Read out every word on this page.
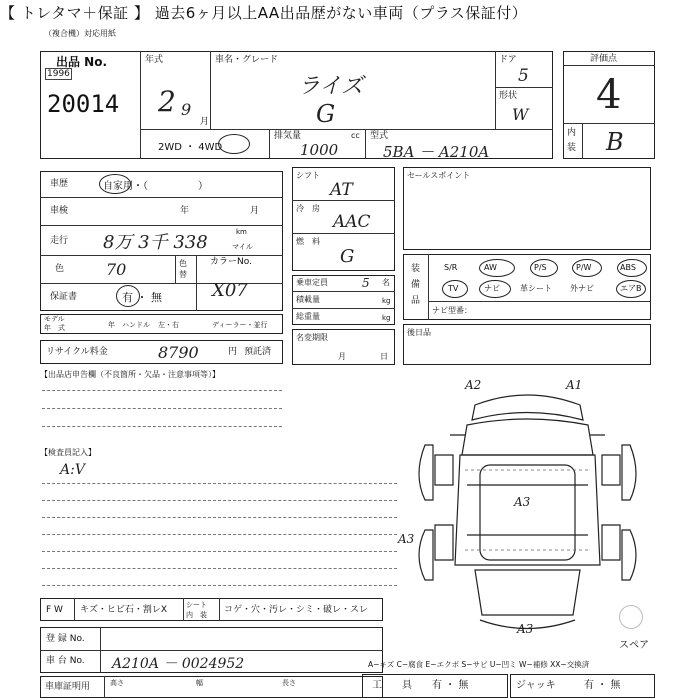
【 トレタマ＋保証 】 過去6ヶ月以上AA出品歴がない車両（プラス保証付）
（複合機）対応用紙
出品 No.
1996
20014
年式
2 9
月
車名・グレード
ライズ
G
ドア
5
形状
W
2WD ・ 4WD
排気量	cc
1000
型式
5BA － A210A
評価点
4
内
装 B
車歴	自家用・（　　　　　）
車検	年	月
走行 8万 3千 338	km
マイル
色	70	色
替
カラーNo.
X07
保証書	有 ・ 無
モデル
年　式	年 ハンドル 左・右	ディーラー・並行
リサイクル料金	8790	円 預託済
シフト
AT
冷　房
AAC
燃　料
G
乗車定員	5 名
積載量	kg
総重量	kg
名変期限
月	日
セールスポイント
装
備
品
S/R	AW	P/S	P/W	ABS
TV	ナビ	革シート 外ナビ	エアB
ナビ型番：
後日品
【出品店申告欄（不良箇所・欠品・注意事項等）】
【検査員記入】
A:V
A2	A1
A3
A3
A3
F W キズ・ヒビ石・割レX	シート
内　装 コゲ・穴・汚レ・シミ・破レ・スレ
登 録 No.
車 台 No. A210A － 0024952
車庫証明用	高さ	幅	長さ
スペア
A−キズ C−腐食 E−エクボ S−サビ U−凹ミ W−補修 XX−交換済
工　　具 有 ・ 無	ジャッキ	有 ・ 無
